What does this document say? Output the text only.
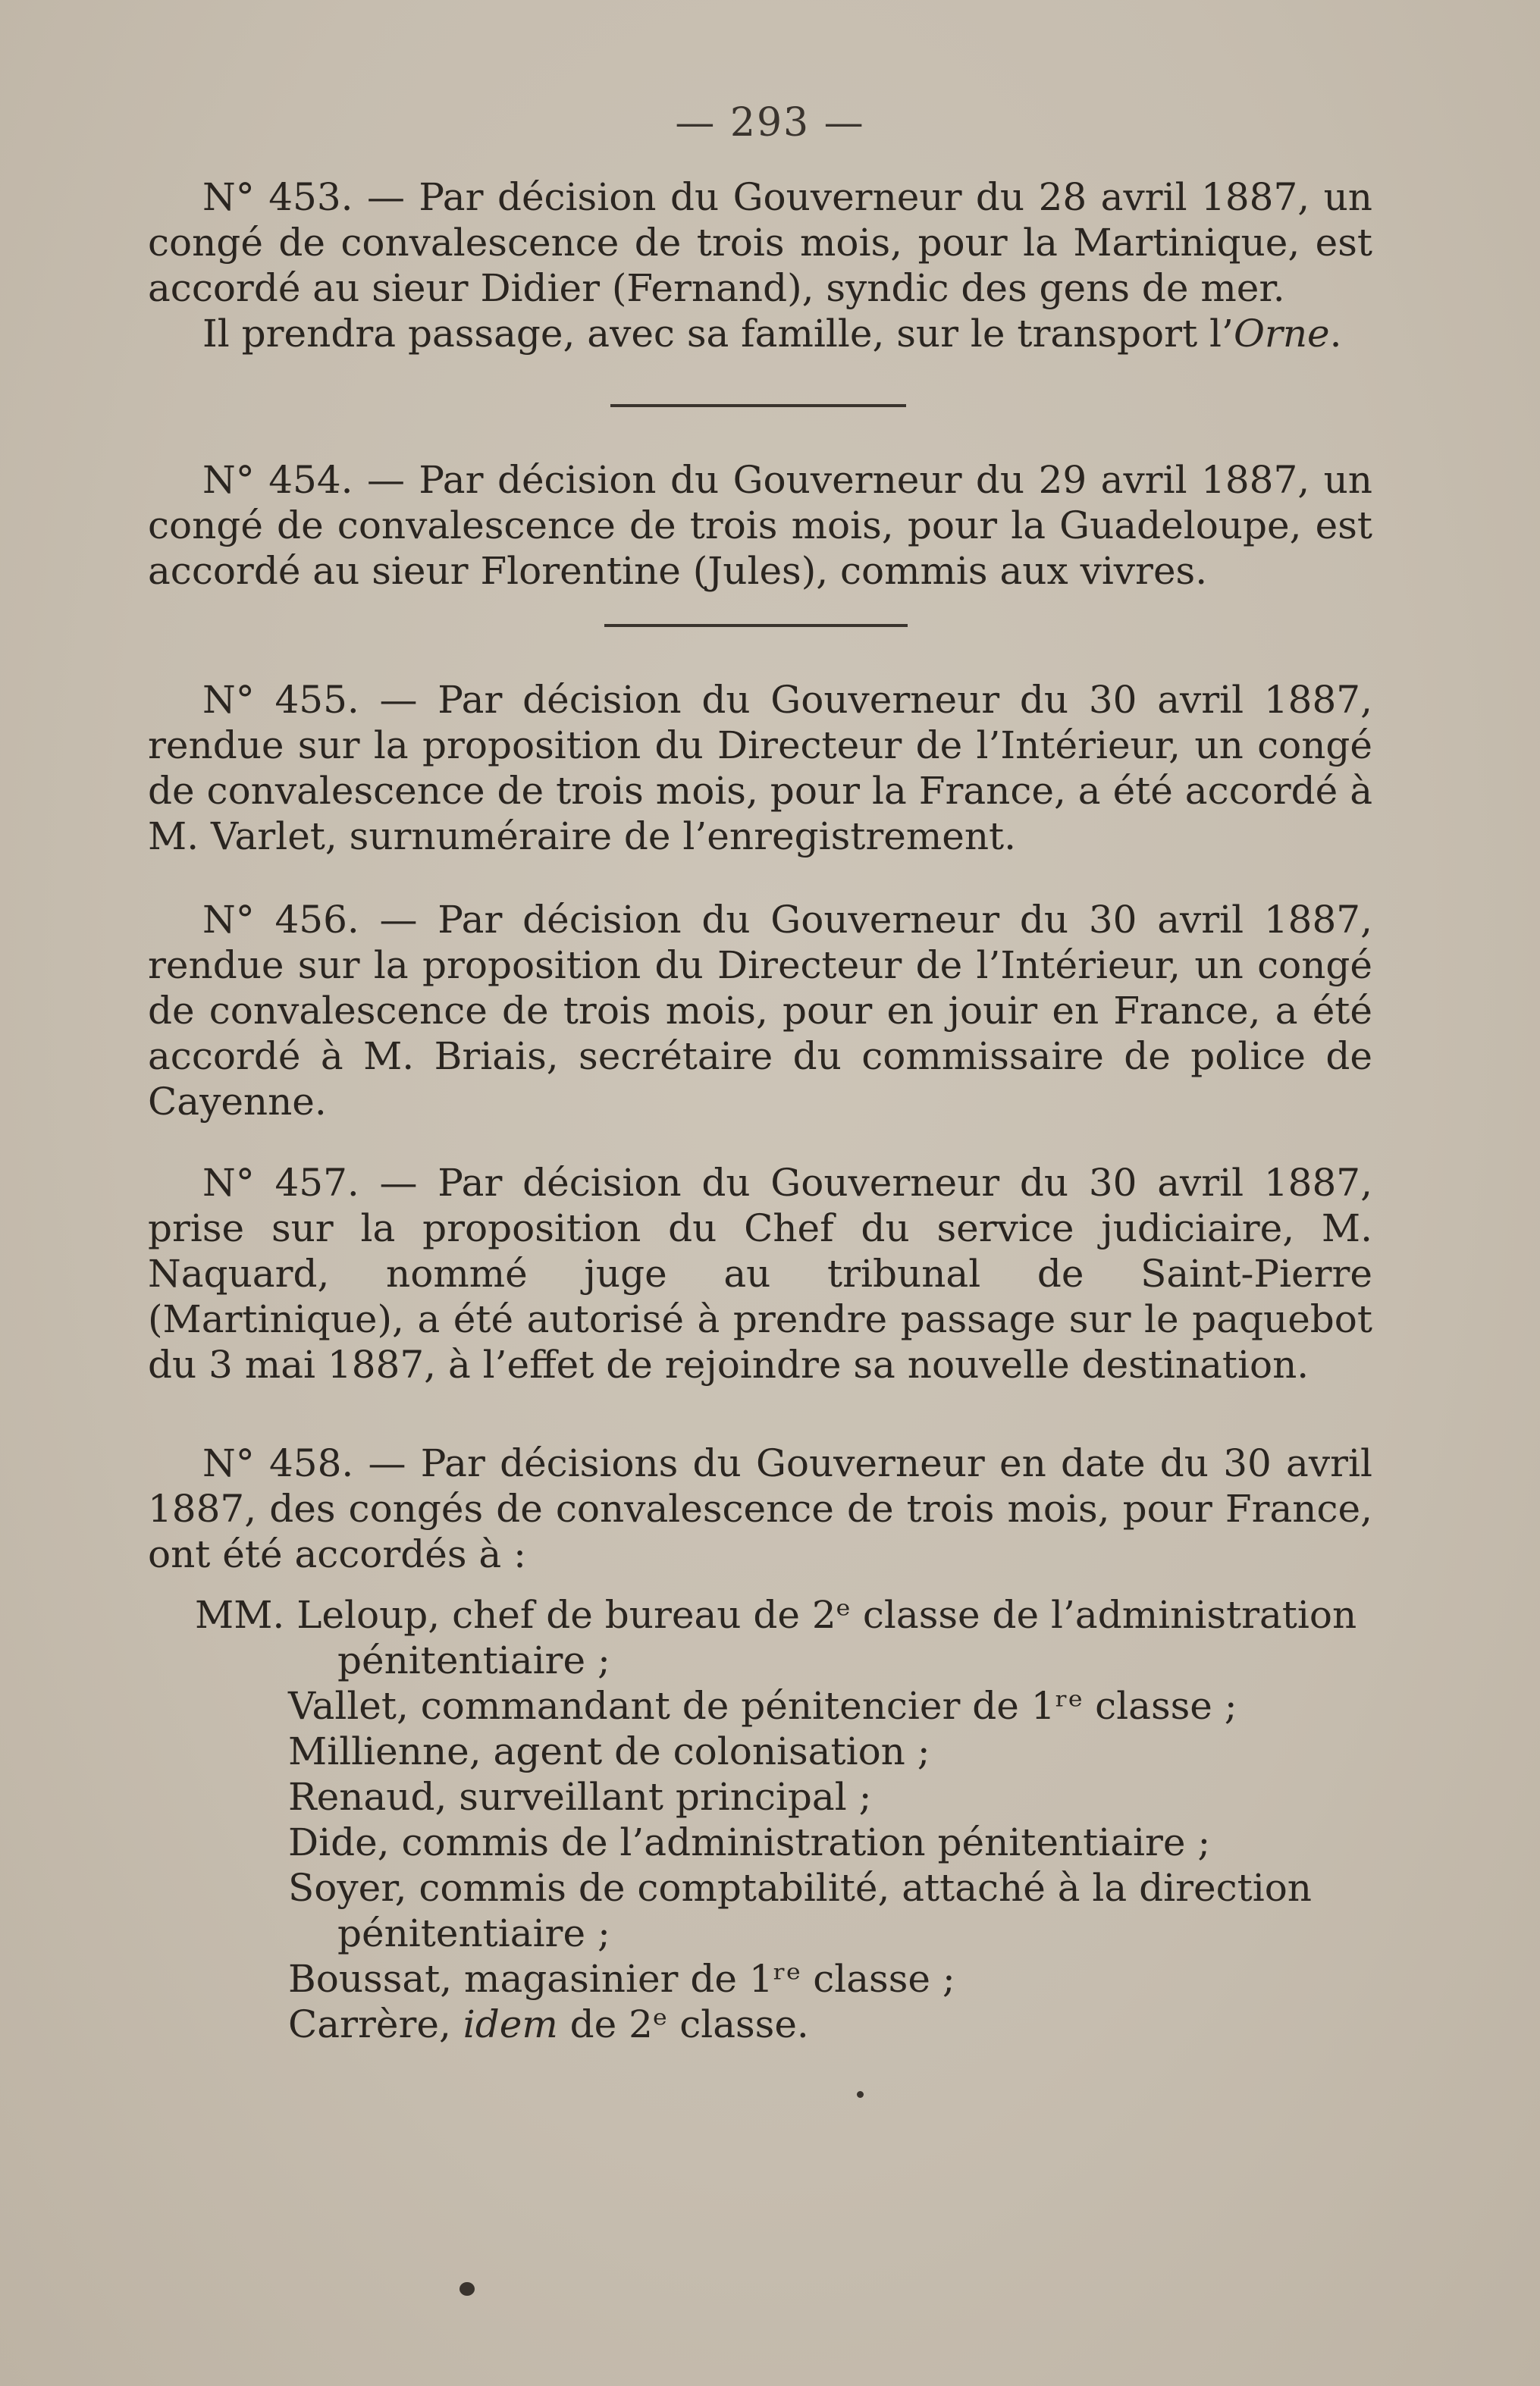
— 293 —

N° 453. — Par décision du Gouverneur du 28 avril 1887, un congé de convalescence de trois mois, pour la Martinique, est accordé au sieur Didier (Fernand), syndic des gens de mer.

Il prendra passage, avec sa famille, sur le transport l’Orne.

N° 454. — Par décision du Gouverneur du 29 avril 1887, un congé de convalescence de trois mois, pour la Guadeloupe, est accordé au sieur Florentine (Jules), commis aux vivres.

N° 455. — Par décision du Gouverneur du 30 avril 1887, rendue sur la proposition du Directeur de l’Intérieur, un congé de convalescence de trois mois, pour la France, a été accordé à M. Varlet, surnuméraire de l’enregistrement.

N° 456. — Par décision du Gouverneur du 30 avril 1887, rendue sur la proposition du Directeur de l’Intérieur, un congé de convalescence de trois mois, pour en jouir en France, a été accordé à M. Briais, secrétaire du commissaire de police de Cayenne.

N° 457. — Par décision du Gouverneur du 30 avril 1887, prise sur la proposition du Chef du service judiciaire, M. Naquard, nommé juge au tribunal de Saint-Pierre (Martinique), a été autorisé à prendre passage sur le paquebot du 3 mai 1887, à l’effet de rejoindre sa nouvelle destination.

N° 458. — Par décisions du Gouverneur en date du 30 avril 1887, des congés de convalescence de trois mois, pour France, ont été accordés à :

MM. Leloup, chef de bureau de 2ᵉ classe de l’administration
pénitentiaire ;
Vallet, commandant de pénitencier de 1ʳᵉ classe ;
Millienne, agent de colonisation ;
Renaud, surveillant principal ;
Dide, commis de l’administration pénitentiaire ;
Soyer, commis de comptabilité, attaché à la direction
pénitentiaire ;
Boussat, magasinier de 1ʳᵉ classe ;
Carrère, idem de 2ᵉ classe.
